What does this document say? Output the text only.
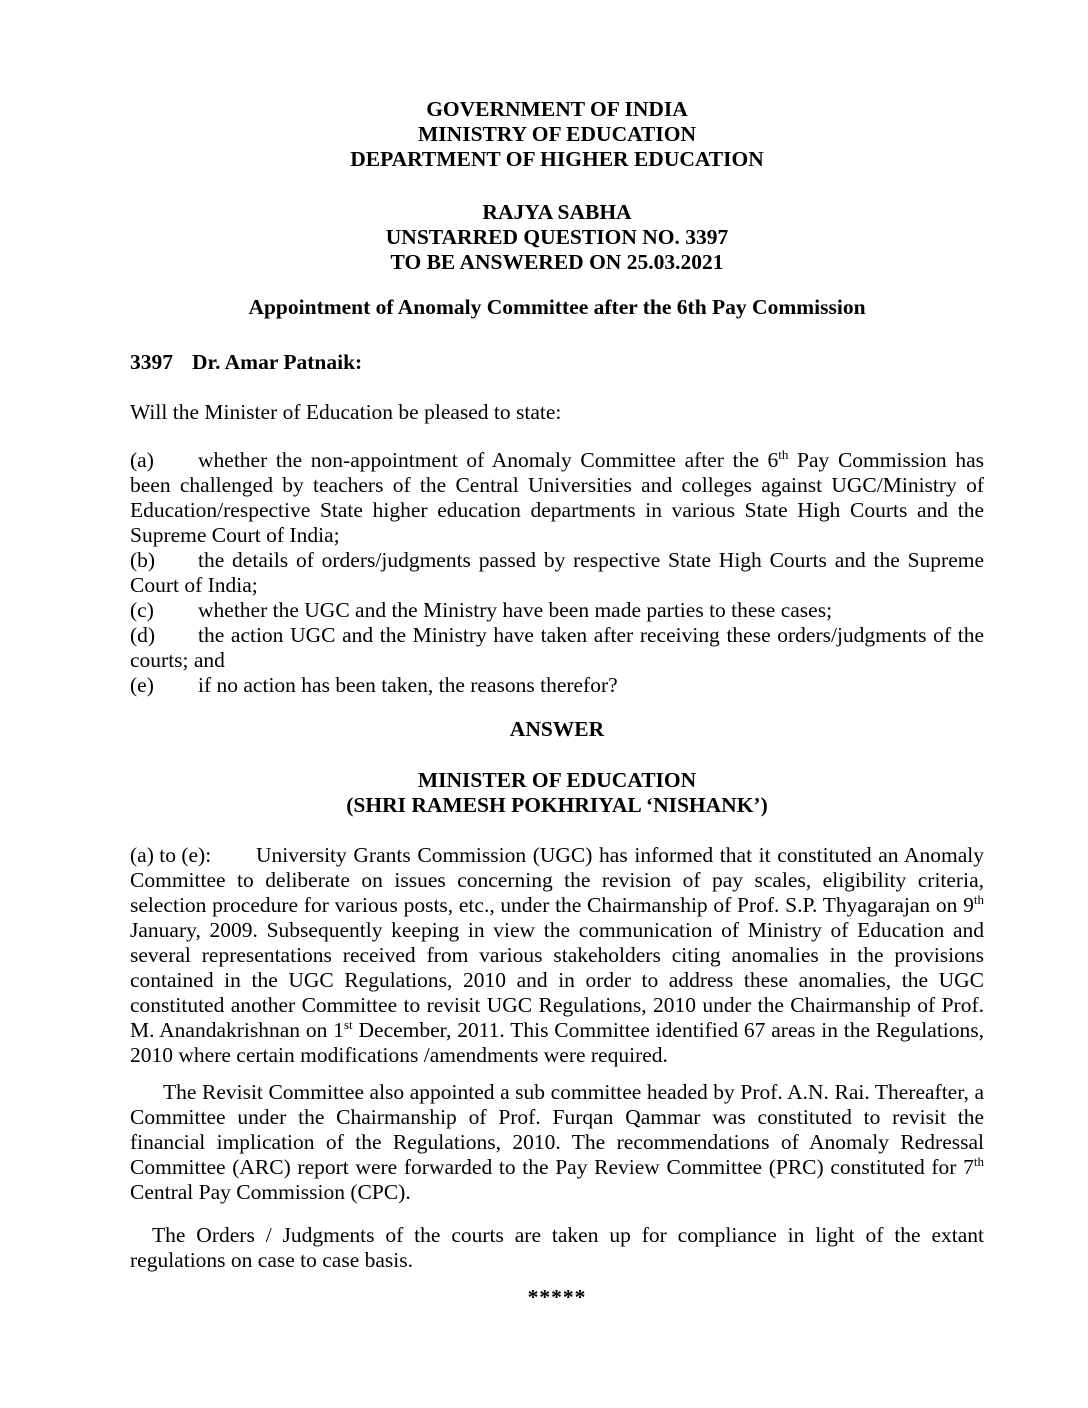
GOVERNMENT OF INDIA

MINISTRY OF EDUCATION

DEPARTMENT OF HIGHER EDUCATION

RAJYA SABHA

UNSTARRED QUESTION NO. 3397

TO BE ANSWERED ON 25.03.2021

Appointment of Anomaly Committee after the 6th Pay Commission

3397 Dr. Amar Patnaik:

Will the Minister of Education be pleased to state:

(a) whether the non-appointment of Anomaly Committee after the 6th Pay Commission has been challenged by teachers of the Central Universities and colleges against UGC/Ministry of Education/respective State higher education departments in various State High Courts and the Supreme Court of India;

(b) the details of orders/judgments passed by respective State High Courts and the Supreme Court of India;

(c) whether the UGC and the Ministry have been made parties to these cases;

(d) the action UGC and the Ministry have taken after receiving these orders/judgments of the courts; and

(e) if no action has been taken, the reasons therefor?

ANSWER

MINISTER OF EDUCATION

(SHRI RAMESH POKHRIYAL ‘NISHANK’)

(a) to (e): University Grants Commission (UGC) has informed that it constituted an Anomaly Committee to deliberate on issues concerning the revision of pay scales, eligibility criteria, selection procedure for various posts, etc., under the Chairmanship of Prof. S.P. Thyagarajan on 9th January, 2009. Subsequently keeping in view the communication of Ministry of Education and several representations received from various stakeholders citing anomalies in the provisions contained in the UGC Regulations, 2010 and in order to address these anomalies, the UGC constituted another Committee to revisit UGC Regulations, 2010 under the Chairmanship of Prof. M. Anandakrishnan on 1st December, 2011. This Committee identified 67 areas in the Regulations, 2010 where certain modifications /amendments were required.

The Revisit Committee also appointed a sub committee headed by Prof. A.N. Rai. Thereafter, a Committee under the Chairmanship of Prof. Furqan Qammar was constituted to revisit the financial implication of the Regulations, 2010. The recommendations of Anomaly Redressal Committee (ARC) report were forwarded to the Pay Review Committee (PRC) constituted for 7th Central Pay Commission (CPC).

The Orders / Judgments of the courts are taken up for compliance in light of the extant regulations on case to case basis.

*****
